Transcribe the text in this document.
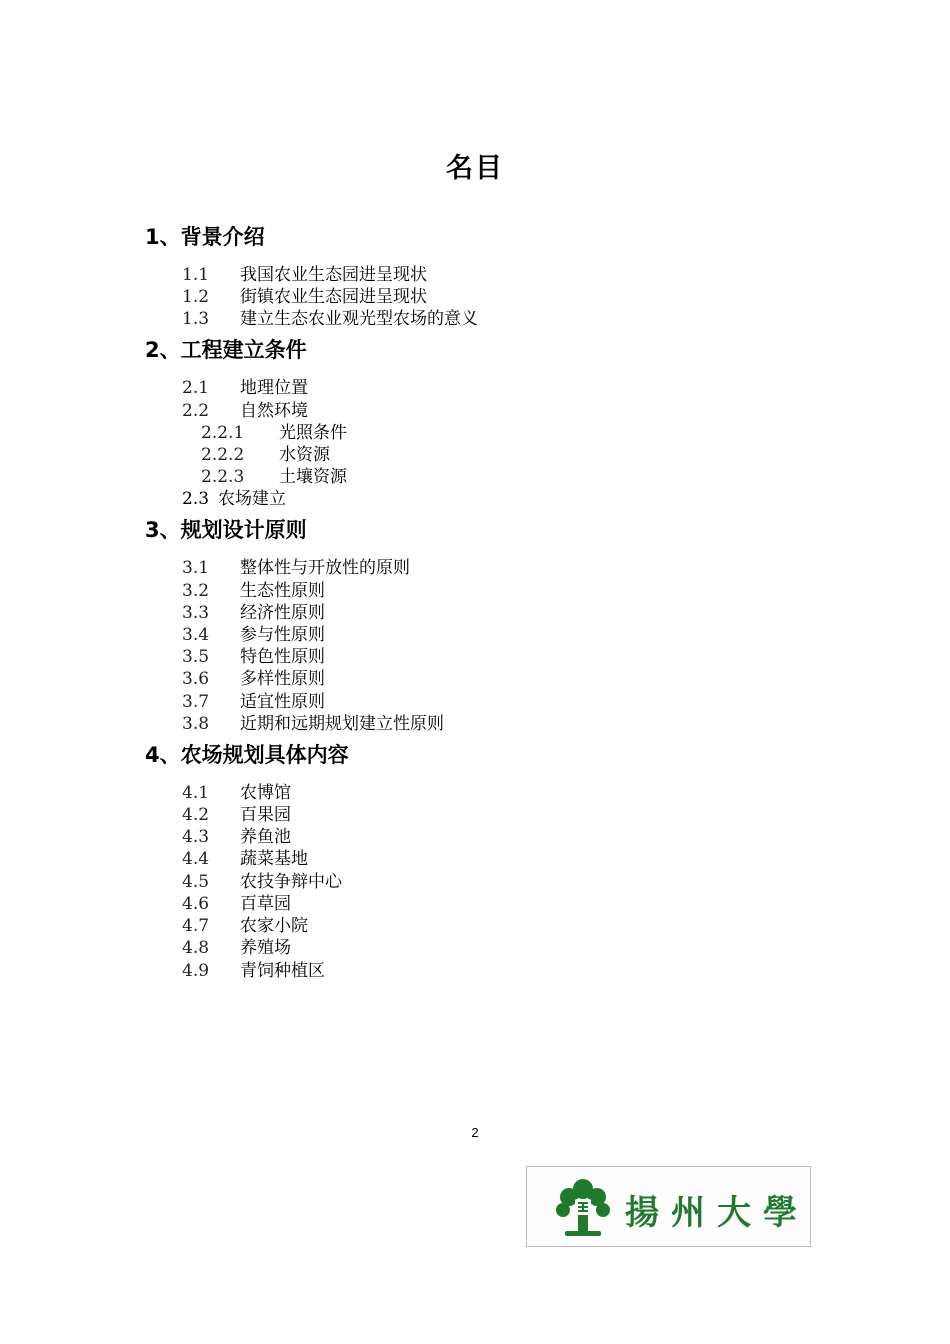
名目
1、背景介绍
1.1 我国农业生态园进呈现状
1.2 街镇农业生态园进呈现状
1.3 建立生态农业观光型农场的意义
2、工程建立条件
2.1 地理位置
2.2 自然环境
2.2.1 光照条件
2.2.2 水资源
2.2.3 土壤资源
2.3 农场建立
3、规划设计原则
3.1 整体性与开放性的原则
3.2 生态性原则
3.3 经济性原则
3.4 参与性原则
3.5 特色性原则
3.6 多样性原则
3.7 适宜性原则
3.8 近期和远期规划建立性原则
4、农场规划具体内容
4.1 农博馆
4.2 百果园
4.3 养鱼池
4.4 蔬菜基地
4.5 农技争辩中心
4.6 百草园
4.7 农家小院
4.8 养殖场
4.9 青饲种植区
2
揚州大學
